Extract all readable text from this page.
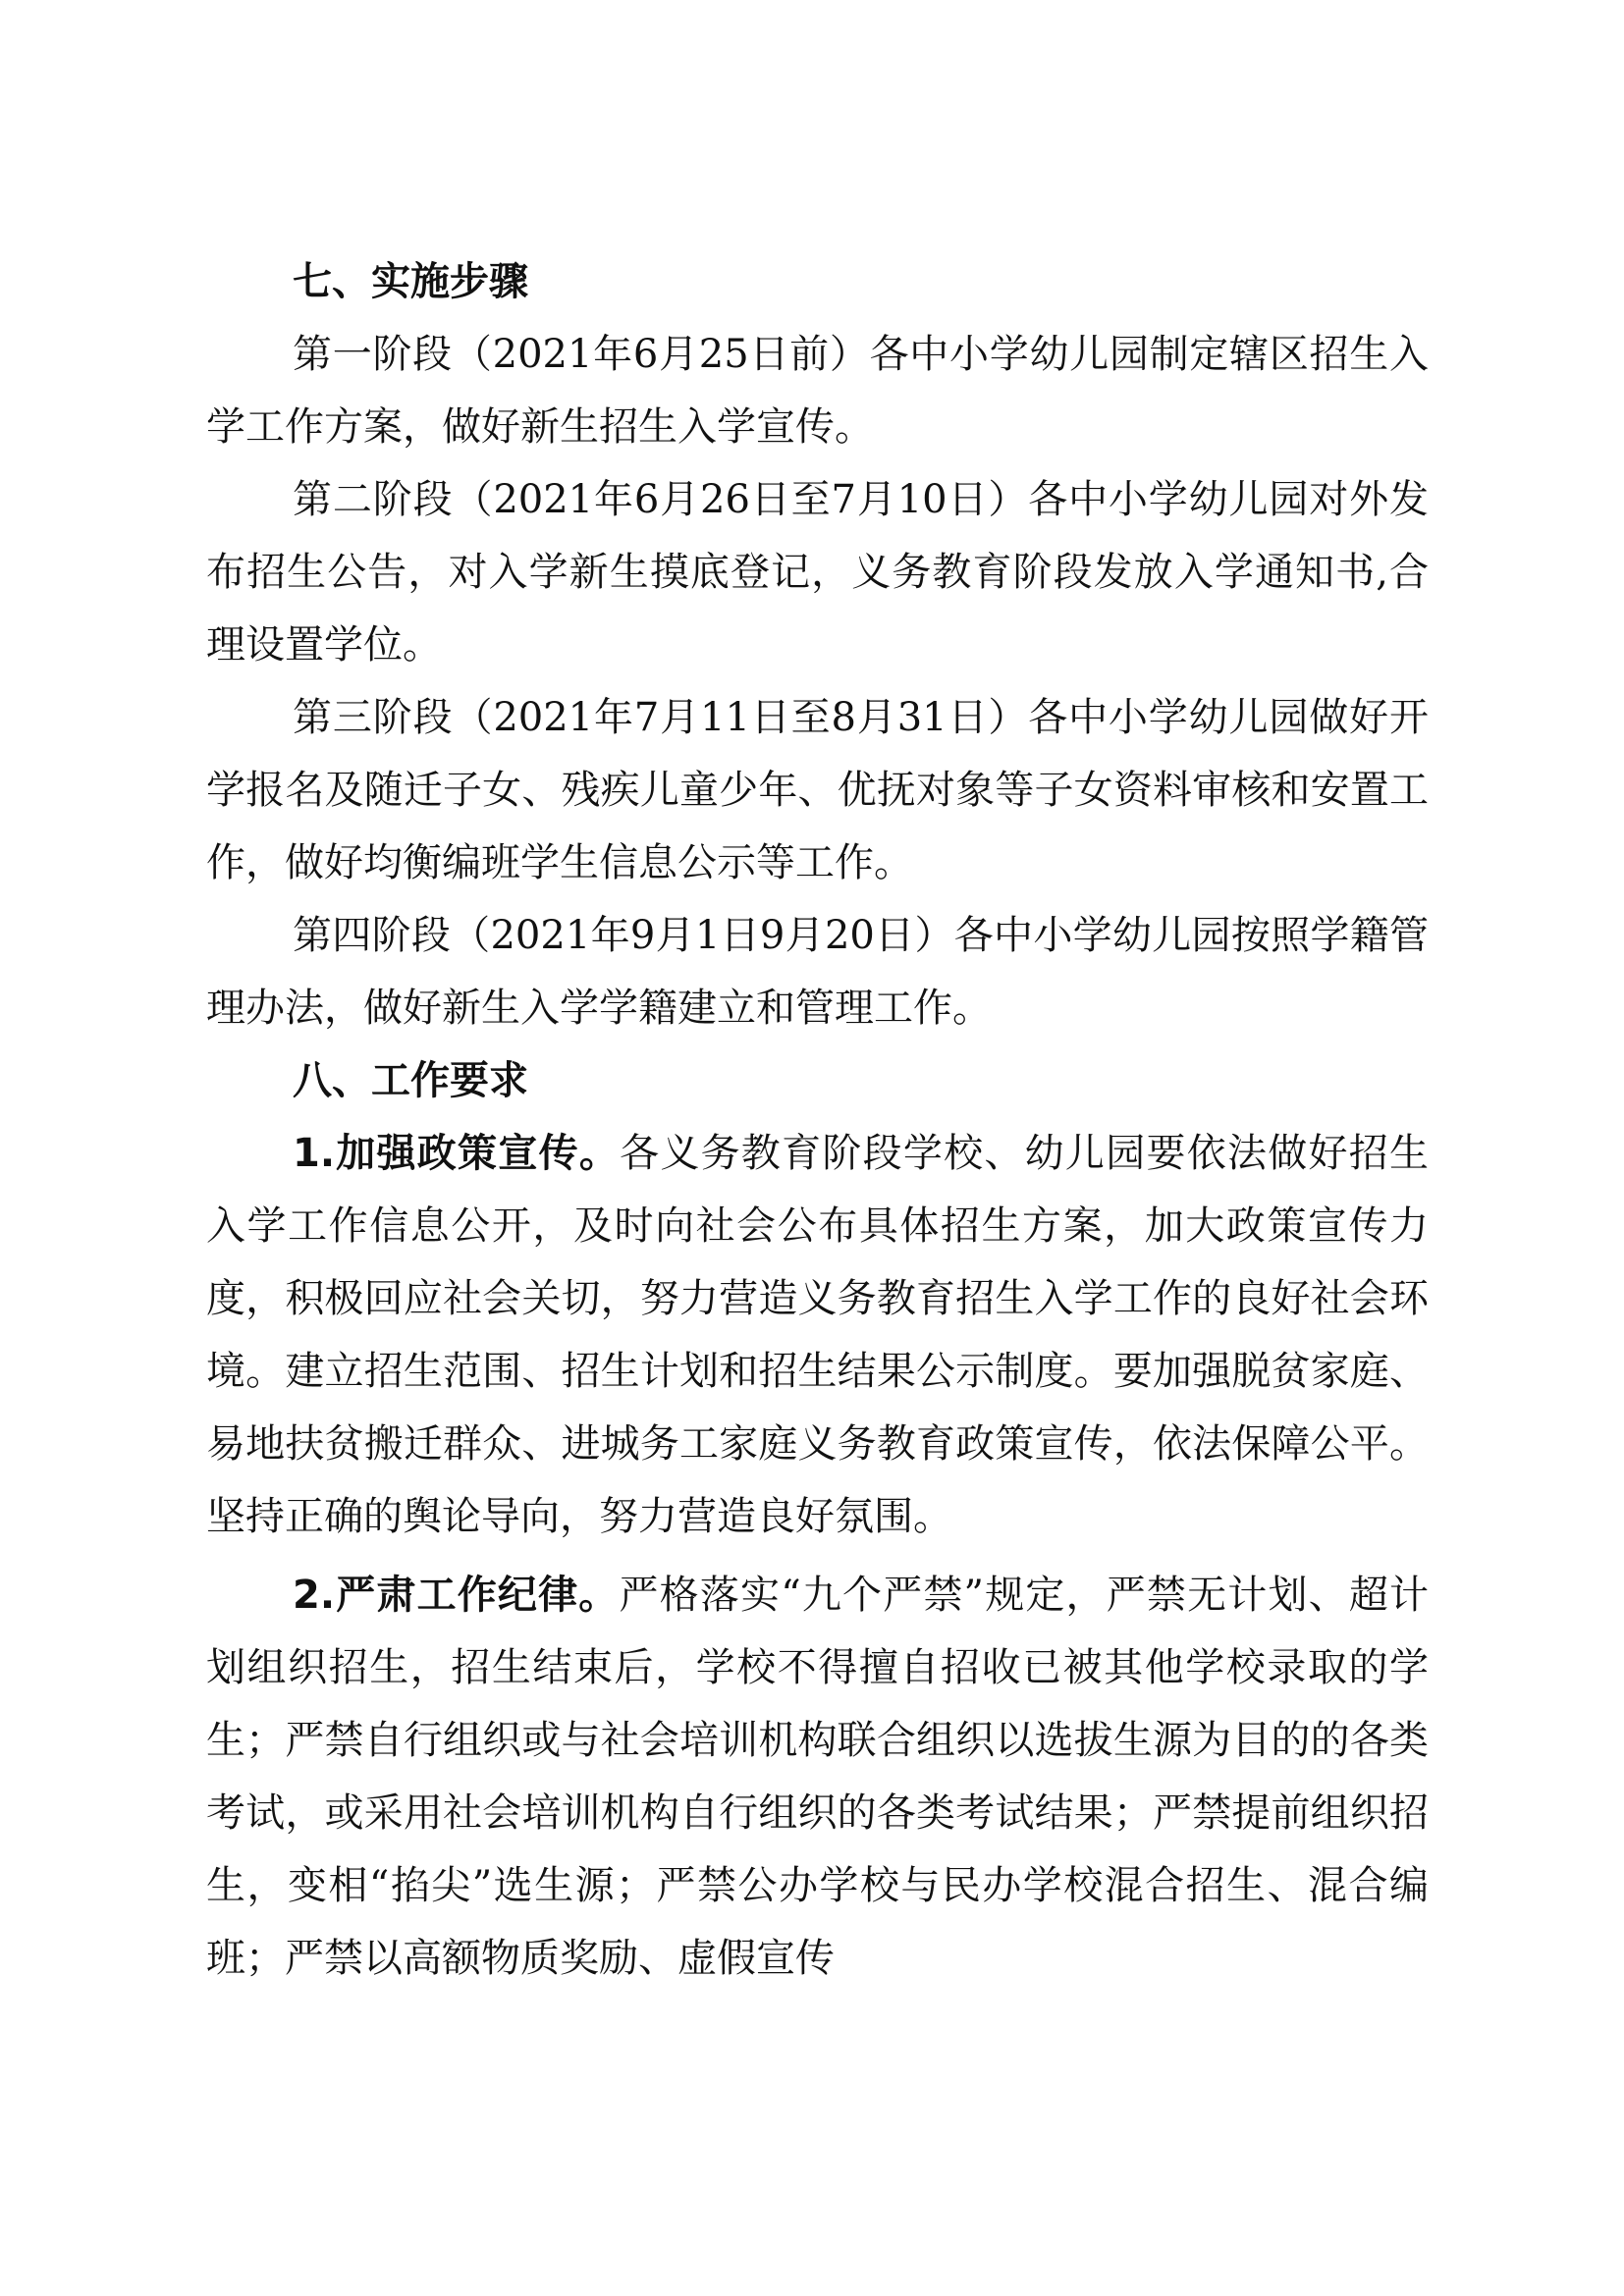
七、实施步骤

第一阶段（2021年6月25日前）各中小学幼儿园制定辖区招生入学工作方案，做好新生招生入学宣传。

第二阶段（2021年6月26日至7月10日）各中小学幼儿园对外发布招生公告，对入学新生摸底登记，义务教育阶段发放入学通知书,合理设置学位。

第三阶段（2021年7月11日至8月31日）各中小学幼儿园做好开学报名及随迁子女、残疾儿童少年、优抚对象等子女资料审核和安置工作，做好均衡编班学生信息公示等工作。

第四阶段（2021年9月1日9月20日）各中小学幼儿园按照学籍管理办法，做好新生入学学籍建立和管理工作。

八、工作要求

1.加强政策宣传。各义务教育阶段学校、幼儿园要依法做好招生入学工作信息公开，及时向社会公布具体招生方案，加大政策宣传力度，积极回应社会关切，努力营造义务教育招生入学工作的良好社会环境。建立招生范围、招生计划和招生结果公示制度。要加强脱贫家庭、易地扶贫搬迁群众、进城务工家庭义务教育政策宣传，依法保障公平。坚持正确的舆论导向，努力营造良好氛围。

2.严肃工作纪律。严格落实“九个严禁”规定，严禁无计划、超计划组织招生，招生结束后，学校不得擅自招收已被其他学校录取的学生；严禁自行组织或与社会培训机构联合组织以选拔生源为目的的各类考试，或采用社会培训机构自行组织的各类考试结果；严禁提前组织招生，变相“掐尖”选生源；严禁公办学校与民办学校混合招生、混合编班；严禁以高额物质奖励、虚假宣传
